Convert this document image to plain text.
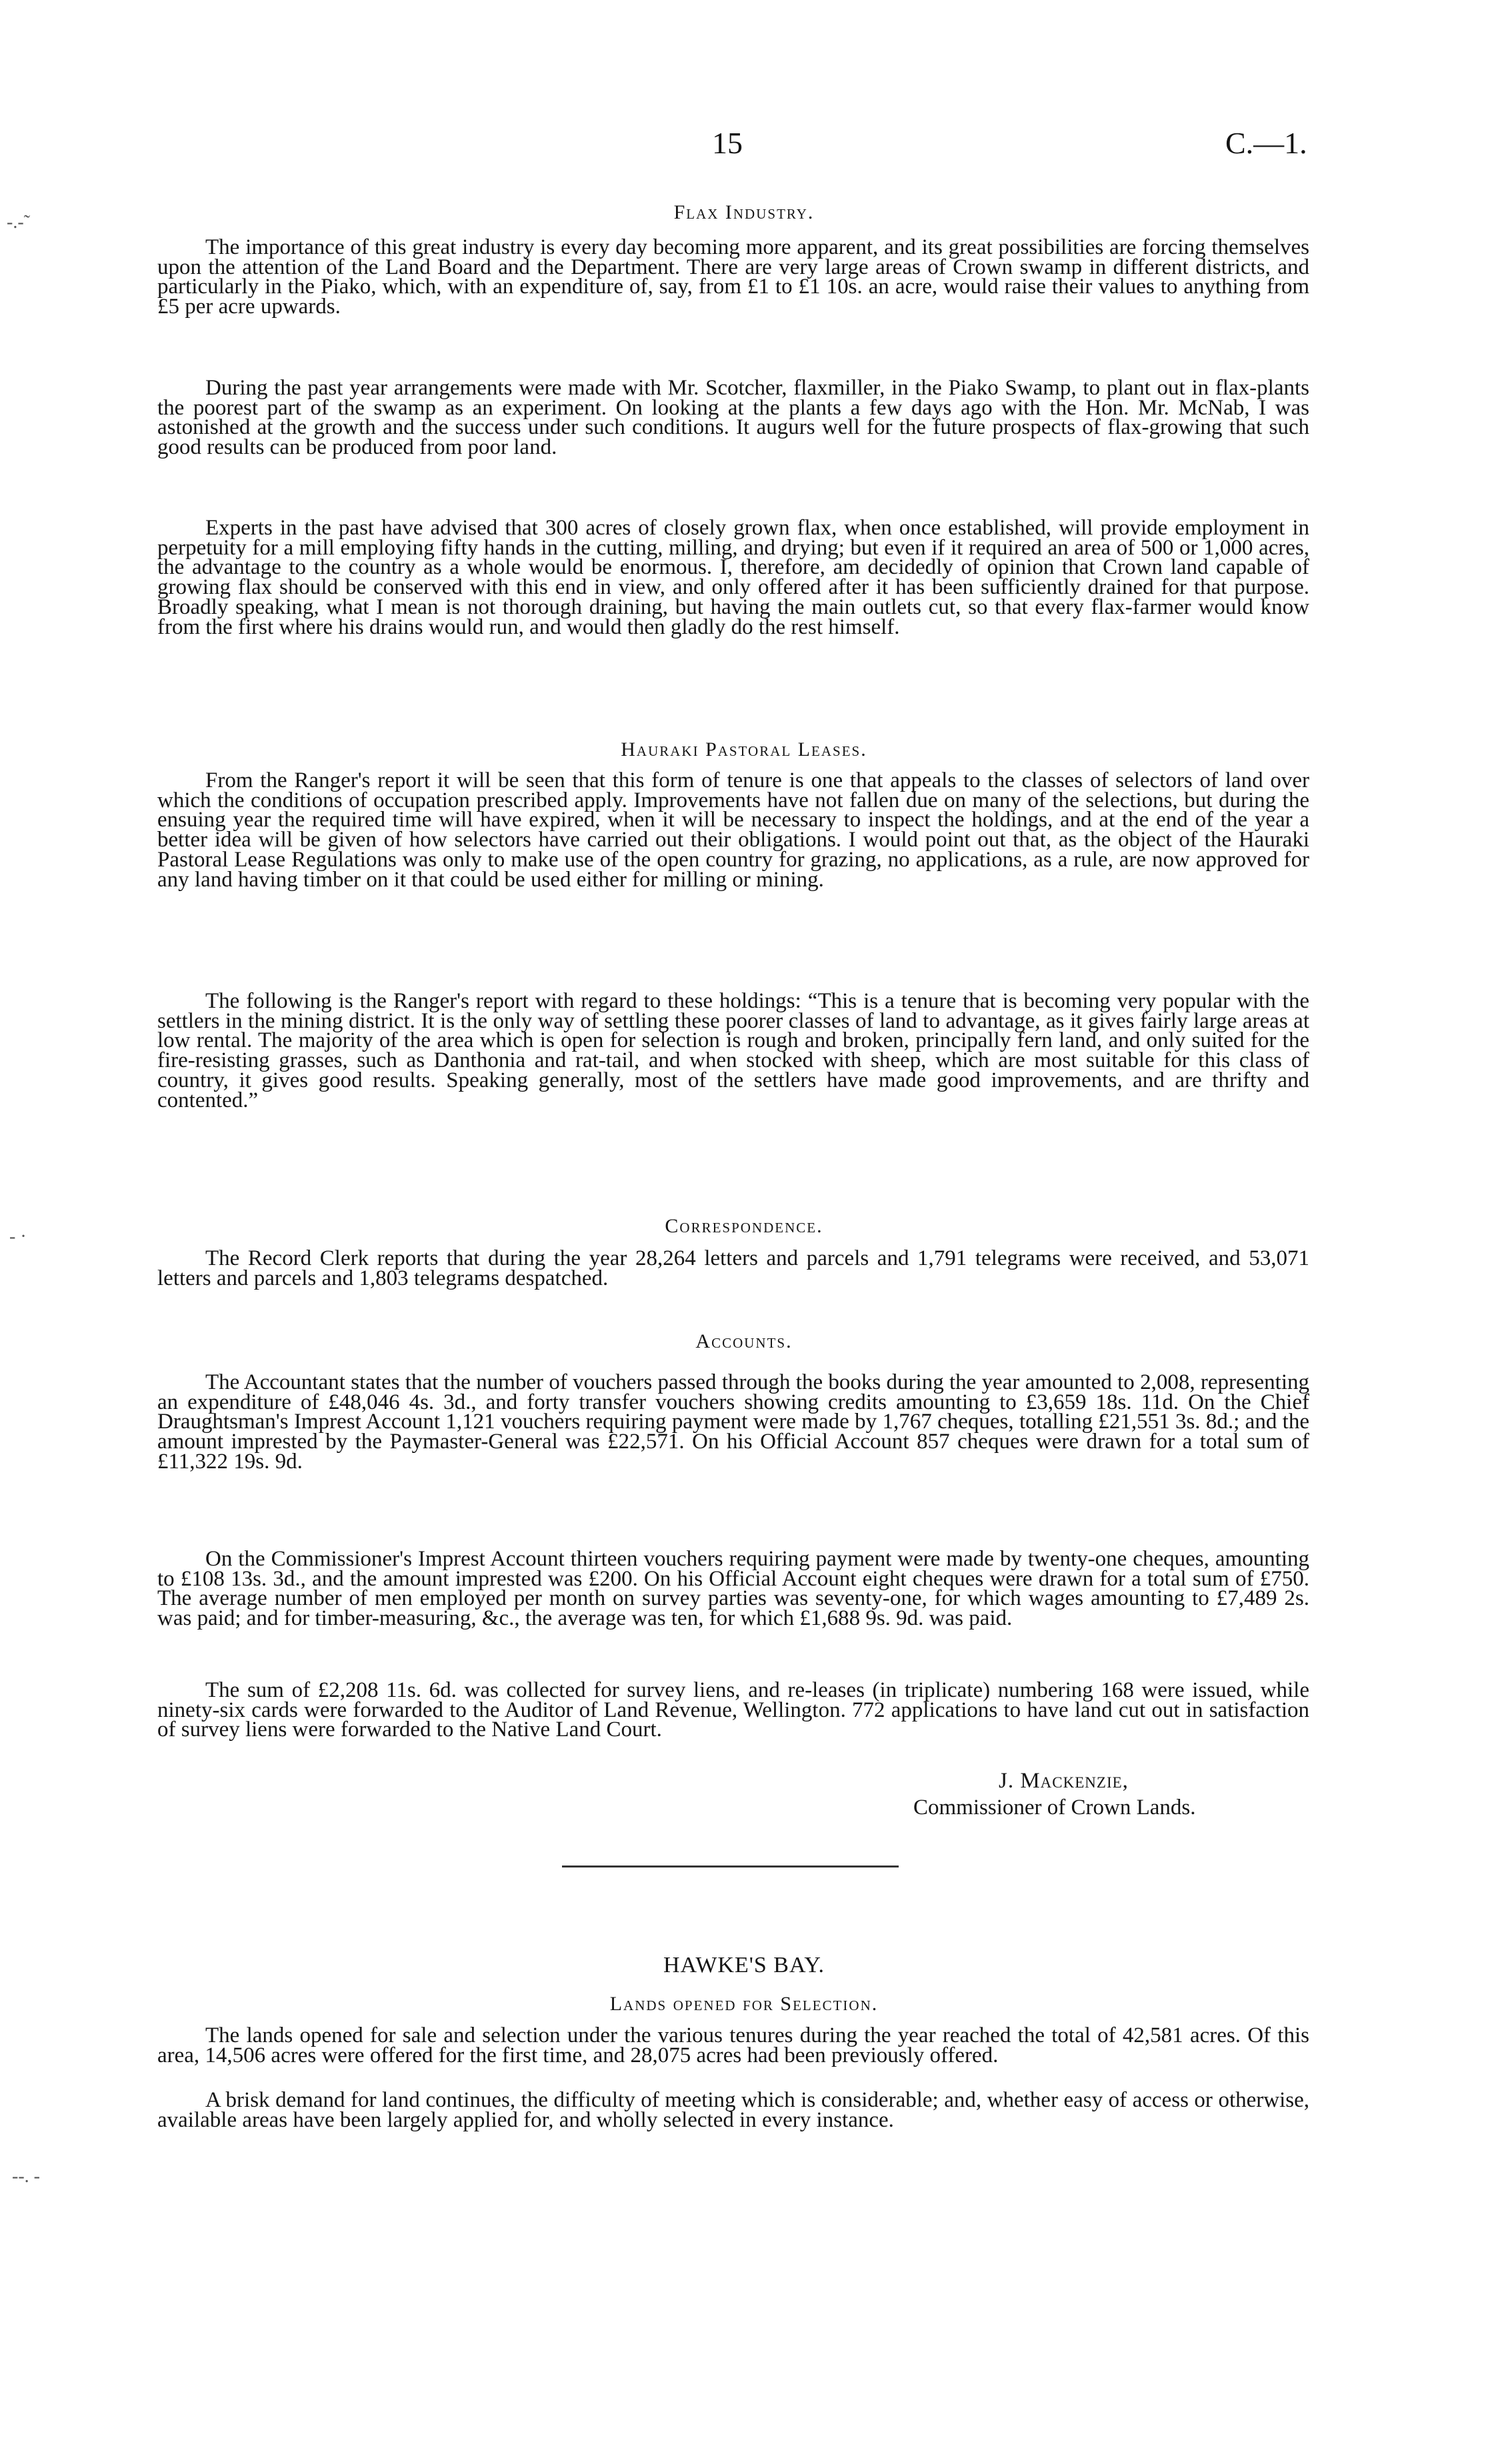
15	C.—1.
-.-˜
- ·
--. -
Flax Industry.

The importance of this great industry is every day becoming more apparent, and its great possibilities are forcing themselves upon the attention of the Land Board and the Department. There are very large areas of Crown swamp in different districts, and particularly in the Piako, which, with an expenditure of, say, from £1 to £1 10s. an acre, would raise their values to anything from £5 per acre upwards.

During the past year arrangements were made with Mr. Scotcher, flaxmiller, in the Piako Swamp, to plant out in flax-plants the poorest part of the swamp as an experiment. On looking at the plants a few days ago with the Hon. Mr. McNab, I was astonished at the growth and the success under such conditions. It augurs well for the future prospects of flax-growing that such good results can be produced from poor land.

Experts in the past have advised that 300 acres of closely grown flax, when once established, will provide employment in perpetuity for a mill employing fifty hands in the cutting, milling, and drying; but even if it required an area of 500 or 1,000 acres, the advantage to the country as a whole would be enormous. I, therefore, am decidedly of opinion that Crown land capable of growing flax should be conserved with this end in view, and only offered after it has been sufficiently drained for that purpose. Broadly speaking, what I mean is not thorough draining, but having the main outlets cut, so that every flax-farmer would know from the first where his drains would run, and would then gladly do the rest himself.

Hauraki Pastoral Leases.

From the Ranger's report it will be seen that this form of tenure is one that appeals to the classes of selectors of land over which the conditions of occupation prescribed apply. Improvements have not fallen due on many of the selections, but during the ensuing year the required time will have expired, when it will be necessary to inspect the holdings, and at the end of the year a better idea will be given of how selectors have carried out their obligations. I would point out that, as the object of the Hauraki Pastoral Lease Regulations was only to make use of the open country for grazing, no applications, as a rule, are now approved for any land having timber on it that could be used either for milling or mining.

The following is the Ranger's report with regard to these holdings: “This is a tenure that is becoming very popular with the settlers in the mining district. It is the only way of settling these poorer classes of land to advantage, as it gives fairly large areas at low rental. The majority of the area which is open for selection is rough and broken, principally fern land, and only suited for the fire-resisting grasses, such as Danthonia and rat-tail, and when stocked with sheep, which are most suitable for this class of country, it gives good results. Speaking generally, most of the settlers have made good improvements, and are thrifty and contented.”

Correspondence.

The Record Clerk reports that during the year 28,264 letters and parcels and 1,791 telegrams were received, and 53,071 letters and parcels and 1,803 telegrams despatched.

Accounts.

The Accountant states that the number of vouchers passed through the books during the year amounted to 2,008, representing an expenditure of £48,046 4s. 3d., and forty transfer vouchers showing credits amounting to £3,659 18s. 11d. On the Chief Draughtsman's Imprest Account 1,121 vouchers requiring payment were made by 1,767 cheques, totalling £21,551 3s. 8d.; and the amount imprested by the Paymaster-General was £22,571. On his Official Account 857 cheques were drawn for a total sum of £11,322 19s. 9d.

On the Commissioner's Imprest Account thirteen vouchers requiring payment were made by twenty-one cheques, amounting to £108 13s. 3d., and the amount imprested was £200. On his Official Account eight cheques were drawn for a total sum of £750. The average number of men employed per month on survey parties was seventy-one, for which wages amounting to £7,489 2s. was paid; and for timber-measuring, &c., the average was ten, for which £1,688 9s. 9d. was paid.

The sum of £2,208 11s. 6d. was collected for survey liens, and re-leases (in triplicate) numbering 168 were issued, while ninety-six cards were forwarded to the Auditor of Land Revenue, Wellington. 772 applications to have land cut out in satisfaction of survey liens were forwarded to the Native Land Court.

J. Mackenzie,
Commissioner of Crown Lands.
HAWKE'S BAY.
Lands opened for Selection.

The lands opened for sale and selection under the various tenures during the year reached the total of 42,581 acres. Of this area, 14,506 acres were offered for the first time, and 28,075 acres had been previously offered.

A brisk demand for land continues, the difficulty of meeting which is considerable; and, whether easy of access or otherwise, available areas have been largely applied for, and wholly selected in every instance.
